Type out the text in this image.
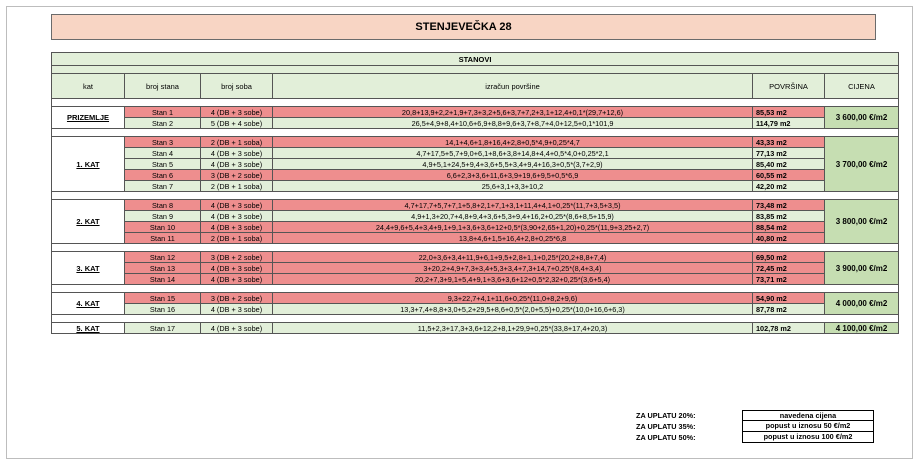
STENJEVEČKA 28
STANOVI					

kat	broj stana	broj soba	izračun površine	POVRŠINA	CIJENA

PRIZEMLJE	Stan 1	4 (DB + 3 sobe)	20,8+13,9+2,2+1,9+7,3+3,2+5,6+3,7+7,2+3,1+12,4+0,1*(29,7+12,6)	85,53 m2	3 600,00 €/m2
	Stan 2	5 (DB + 4 sobe)	26,5+4,9+8,4+10,6+6,9+8,8+9,6+3,7+8,7+4,0+12,5+0,1*101,9	114,79 m2	

1. KAT	Stan 3	2 (DB + 1 soba)	14,1+4,6+1,8+16,4+2,8+0,5*4,9+0,25*4,7	43,33 m2	3 700,00 €/m2
	Stan 4	4 (DB + 3 sobe)	4,7+17,5+5,7+9,0+6,1+8,6+3,8+14,8+4,4+0,5*4,0+0,25*2,1	77,13 m2	
	Stan 5	4 (DB + 3 sobe)	4,9+5,1+24,5+9,4+3,6+5,5+3,4+9,4+16,3+0,5*(3,7+2,9)	85,40 m2	
	Stan 6	3 (DB + 2 sobe)	6,6+2,3+3,6+11,6+3,9+19,6+9,5+0,5*6,9	60,55 m2	
	Stan 7	2 (DB + 1 soba)	25,6+3,1+3,3+10,2	42,20 m2	

2. KAT	Stan 8	4 (DB + 3 sobe)	4,7+17,7+5,7+7,1+5,8+2,1+7,1+3,1+11,4+4,1+0,25*(11,7+3,5+3,5)	73,48 m2	3 800,00 €/m2
	Stan 9	4 (DB + 3 sobe)	4,9+1,3+20,7+4,8+9,4+3,6+5,3+9,4+16,2+0,25*(8,6+8,5+15,9)	83,85 m2	
	Stan 10	4 (DB + 3 sobe)	24,4+9,6+5,4+3,4+9,1+9,1+3,6+3,6+12+0,5*(3,90+2,65+1,20)+0,25*(11,9+3,25+2,7)	88,54 m2	
	Stan 11	2 (DB + 1 soba)	13,8+4,6+1,5+16,4+2,8+0,25*6,8	40,80 m2	

3. KAT	Stan 12	3 (DB + 2 sobe)	22,0+3,6+3,4+11,9+6,1+9,5+2,8+1,1+0,25*(20,2+8,8+7,4)	69,50 m2	3 900,00 €/m2
	Stan 13	4 (DB + 3 sobe)	3+20,2+4,9+7,3+3,4+5,3+3,4+7,3+14,7+0,25*(8,4+3,4)	72,45 m2	
	Stan 14	4 (DB + 3 sobe)	20,2+7,3+9,1+5,4+9,1+3,6+3,6+12+0,5*2,32+0,25*(3,6+5,4)	73,71 m2	

4. KAT	Stan 15	3 (DB + 2 sobe)	9,3+22,7+4,1+11,6+0,25*(11,0+8,2+9,6)	54,90 m2	4 000,00 €/m2
	Stan 16	4 (DB + 3 sobe)	13,3+7,4+8,8+3,0+5,2+29,5+8,6+0,5*(2,0+5,5)+0,25*(10,0+16,6+6,3)	87,78 m2	

5. KAT	Stan 17	4 (DB + 3 sobe)	11,5+2,3+17,3+3,6+12,2+8,1+29,9+0,25*(33,8+17,4+20,3)	102,78 m2	4 100,00 €/m2
ZA UPLATU 20%:	navedena cijena
ZA UPLATU 35%:	popust u iznosu 50 €/m2
ZA UPLATU 50%:	popust u iznosu 100 €/m2
